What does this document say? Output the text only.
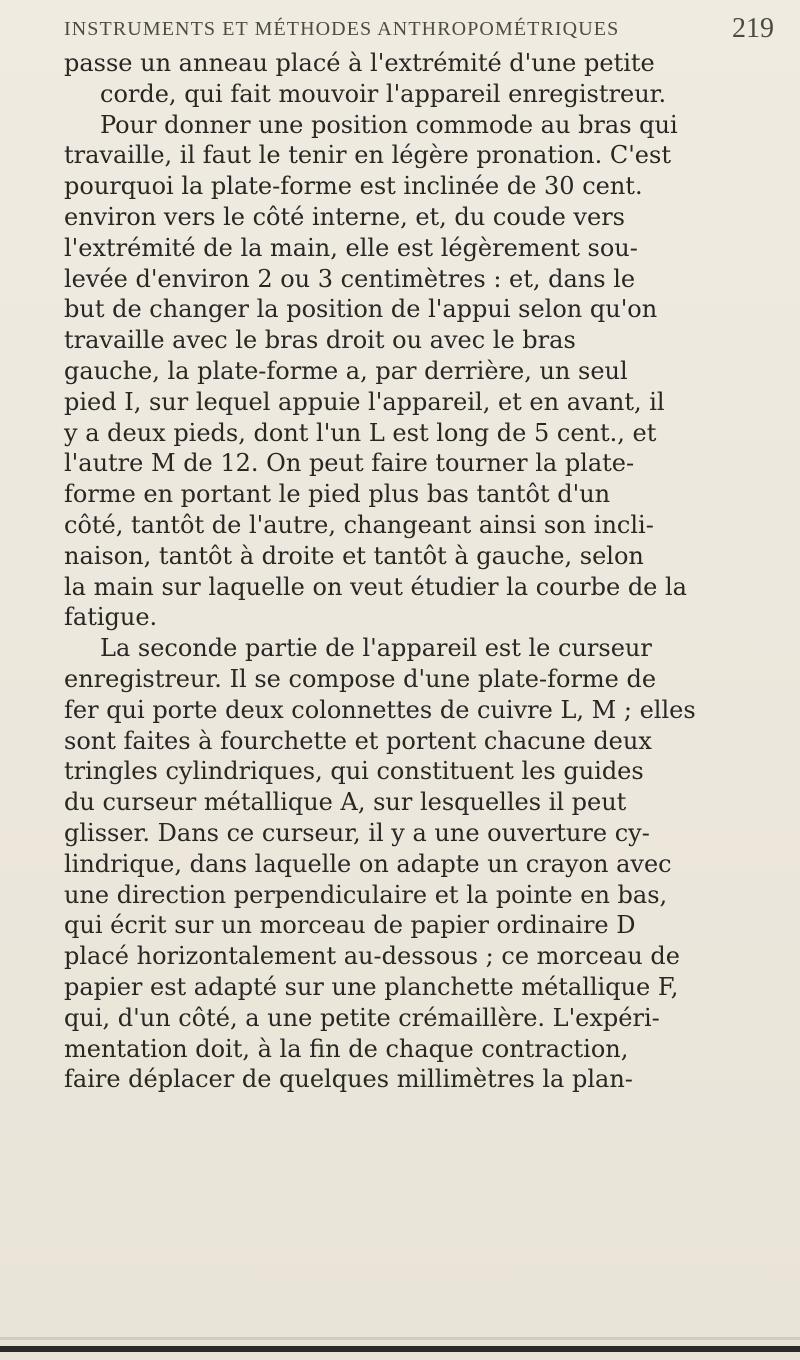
INSTRUMENTS ET MÉTHODES ANTHROPOMÉTRIQUES	219
passe un anneau placé à l'extrémité d'une petite
corde, qui fait mouvoir l'appareil enregistreur.
Pour donner une position commode au bras qui
travaille, il faut le tenir en légère pronation. C'est
pourquoi la plate-forme est inclinée de 30 cent.
environ vers le côté interne, et, du coude vers
l'extrémité de la main, elle est légèrement sou-
levée d'environ 2 ou 3 centimètres : et, dans le
but de changer la position de l'appui selon qu'on
travaille avec le bras droit ou avec le bras
gauche, la plate-forme a, par derrière, un seul
pied I, sur lequel appuie l'appareil, et en avant, il
y a deux pieds, dont l'un L est long de 5 cent., et
l'autre M de 12. On peut faire tourner la plate-
forme en portant le pied plus bas tantôt d'un
côté, tantôt de l'autre, changeant ainsi son incli-
naison, tantôt à droite et tantôt à gauche, selon
la main sur laquelle on veut étudier la courbe de la
fatigue.
La seconde partie de l'appareil est le curseur
enregistreur. Il se compose d'une plate-forme de
fer qui porte deux colonnettes de cuivre L, M ; elles
sont faites à fourchette et portent chacune deux
tringles cylindriques, qui constituent les guides
du curseur métallique A, sur lesquelles il peut
glisser. Dans ce curseur, il y a une ouverture cy-
lindrique, dans laquelle on adapte un crayon avec
une direction perpendiculaire et la pointe en bas,
qui écrit sur un morceau de papier ordinaire D
placé horizontalement au-dessous ; ce morceau de
papier est adapté sur une planchette métallique F,
qui, d'un côté, a une petite crémaillère. L'expéri-
mentation doit, à la fin de chaque contraction,
faire déplacer de quelques millimètres la plan-
